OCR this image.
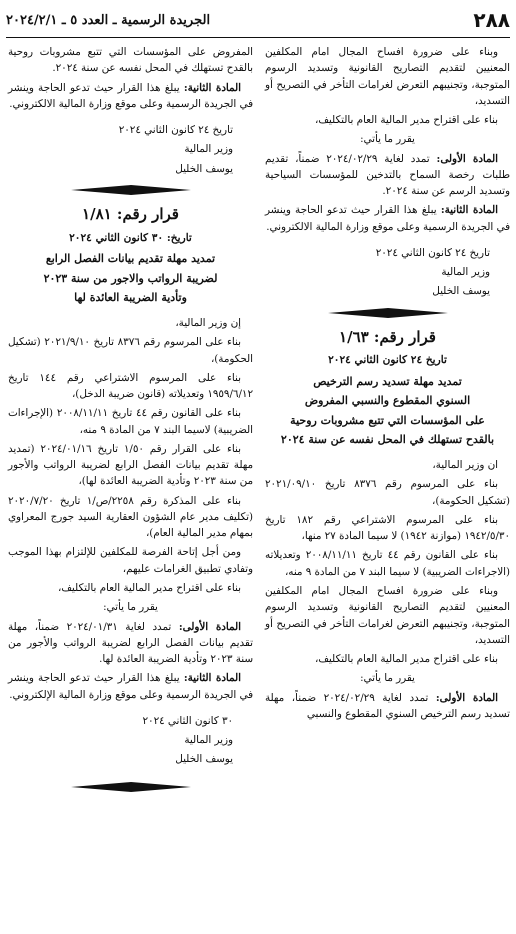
٢٨٨
الجريدة الرسمية ـ العدد ٥ ـ ٢٠٢٤/٢/١

وبناء على ضرورة افساح المجال امام المكلفين المعنيين لتقديم التصاريح القانونية وتسديد الرسوم المتوجبة، وتجنيبهم التعرض لغرامات التأخر في التصريح أو التسديد،

بناء على اقتراح مدير المالية العام بالتكليف،

يقرر ما يأتي:

المادة الأولى: تمدد لغاية ٢٠٢٤/٠٢/٢٩ ضمناً، تقديم طلبات رخصة السماح بالتدخين للمؤسسات السياحية وتسديد الرسم عن سنة ٢٠٢٤.

المادة الثانية: يبلغ هذا القرار حيث تدعو الحاجة وينشر في الجريدة الرسمية وعلى موقع وزارة المالية الالكتروني.

تاريخ ٢٤ كانون الثاني ٢٠٢٤

وزير المالية

يوسف الخليل

قرار رقم: ١/٦٣

تاريخ ٢٤ كانون الثاني ٢٠٢٤

تمديد مهلة تسديد رسم الترخيص
السنوي المقطوع والنسبي المفروض
على المؤسسات التي تتبع مشروبات روحية
بالقدح تستهلك في المحل نفسه عن سنة ٢٠٢٤

ان وزير المالية،

بناء على المرسوم رقم ٨٣٧٦ تاريخ ٢٠٢١/٠٩/١٠ (تشكيل الحكومة)،

بناء على المرسوم الاشتراعي رقم ١٨٢ تاريخ ١٩٤٢/٥/٣٠ (موازنة ١٩٤٢) لا سيما المادة ٢٧ منها،

بناء على القانون رقم ٤٤ تاريخ ٢٠٠٨/١١/١١ وتعديلاته (الاجراءات الضريبية) لا سيما البند ٧ من المادة ٩ منه،

وبناء على ضرورة افساح المجال امام المكلفين المعنيين لتقديم التصاريح القانونية وتسديد الرسوم المتوجبة، وتجنيبهم التعرض لغرامات التأخر في التصريح أو التسديد،

بناء على اقتراح مدير المالية العام بالتكليف،

يقرر ما يأتي:

المادة الأولى: تمدد لغاية ٢٠٢٤/٠٢/٢٩ ضمناً، مهلة تسديد رسم الترخيص السنوي المقطوع والنسبي

المفروض على المؤسسات التي تتبع مشروبات روحية بالقدح تستهلك في المحل نفسه عن سنة ٢٠٢٤.

المادة الثانية: يبلغ هذا القرار حيث تدعو الحاجة وينشر في الجريدة الرسمية وعلى موقع وزارة المالية الالكتروني.

تاريخ ٢٤ كانون الثاني ٢٠٢٤

وزير المالية

يوسف الخليل

قرار رقم: ١/٨١

تاريخ: ٣٠ كانون الثاني ٢٠٢٤

تمديد مهلة تقديم بيانات الفصل الرابع
لضريبة الرواتب والاجور من سنة ٢٠٢٣
وتأدية الضريبة العائدة لها

إن وزير المالية،

بناء على المرسوم رقم ٨٣٧٦ تاريخ ٢٠٢١/٩/١٠ (تشكيل الحكومة)،

بناء على المرسوم الاشتراعي رقم ١٤٤ تاريخ ١٩٥٩/٦/١٢ وتعديلاته (قانون ضريبة الدخل)،

بناء على القانون رقم ٤٤ تاريخ ٢٠٠٨/١١/١١ (الإجراءات الضريبية) لاسيما البند ٧ من المادة ٩ منه،

بناء على القرار رقم ١/٥٠ تاريخ ٢٠٢٤/٠١/١٦ (تمديد مهلة تقديم بيانات الفصل الرابع لضريبة الرواتب والأجور من سنة ٢٠٢٣ وتأدية الضريبة العائدة لها)،

بناء على المذكرة رقم ٢٢٥٨/ص/١ تاريخ ٢٠٢٠/٧/٢٠ (تكليف مدير عام الشؤون العقارية السيد جورج المعراوي بمهام مدير المالية العام)،

ومن أجل إتاحة الفرصة للمكلفين للإلتزام بهذا الموجب وتفادي تطبيق الغرامات عليهم،

بناء على اقتراح مدير المالية العام بالتكليف،

يقرر ما يأتي:

المادة الأولى: تمدد لغاية ٢٠٢٤/٠١/٣١ ضمناً، مهلة تقديم بيانات الفصل الرابع لضريبة الرواتب والأجور من سنة ٢٠٢٣ وتأدية الضريبة العائدة لها.

المادة الثانية: يبلغ هذا القرار حيث تدعو الحاجة وينشر في الجريدة الرسمية وعلى موقع وزارة المالية الإلكتروني.

٣٠ كانون الثاني ٢٠٢٤

وزير المالية

يوسف الخليل
